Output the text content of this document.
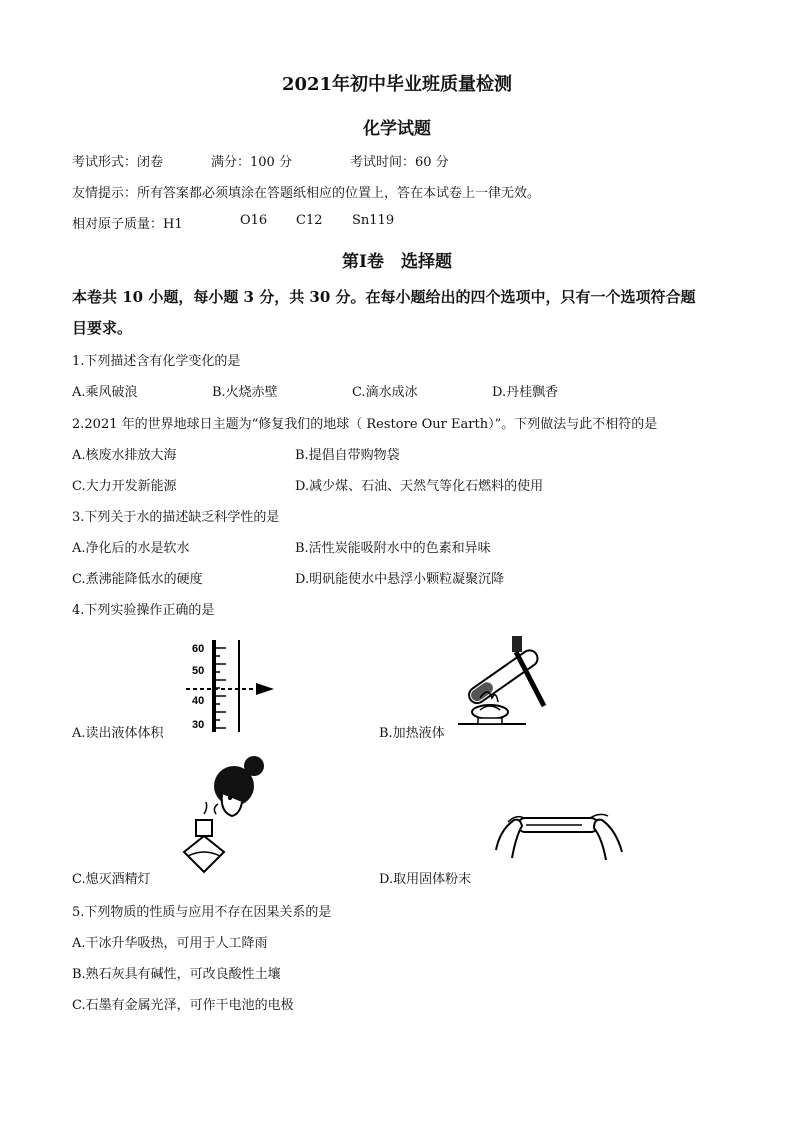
2021年初中毕业班质量检测
化学试题
考试形式：闭卷	满分：100 分	考试时间：60 分
友情提示：所有答案都必须填涂在答题纸相应的位置上，答在本试卷上一律无效。
相对原子质量：H1	O16 C12 Sn119
第Ⅰ卷　选择题
本卷共 10 小题，每小题 3 分，共 30 分。在每小题给出的四个选项中，只有一个选项符合题
目要求。
1.下列描述含有化学变化的是
A.乘风破浪	B.火烧赤壁	C.滴水成冰	D.丹桂飘香
2.2021 年的世界地球日主题为“修复我们的地球（ Restore Our Earth）”。下列做法与此不相符的是
A.核废水排放大海	B.提倡自带购物袋
C.大力开发新能源	D.减少煤、石油、天然气等化石燃料的使用
3.下列关于水的描述缺乏科学性的是
A.净化后的水是软水	B.活性炭能吸附水中的色素和异味
C.煮沸能降低水的硬度	D.明矾能使水中悬浮小颗粒凝聚沉降
4.下列实验操作正确的是
60
50
40
30
A.读出液体体积	B.加热液体
C.熄灭酒精灯	D.取用固体粉末
5.下列物质的性质与应用不存在因果关系的是
A.干冰升华吸热，可用于人工降雨
B.熟石灰具有碱性，可改良酸性土壤
C.石墨有金属光泽，可作干电池的电极
